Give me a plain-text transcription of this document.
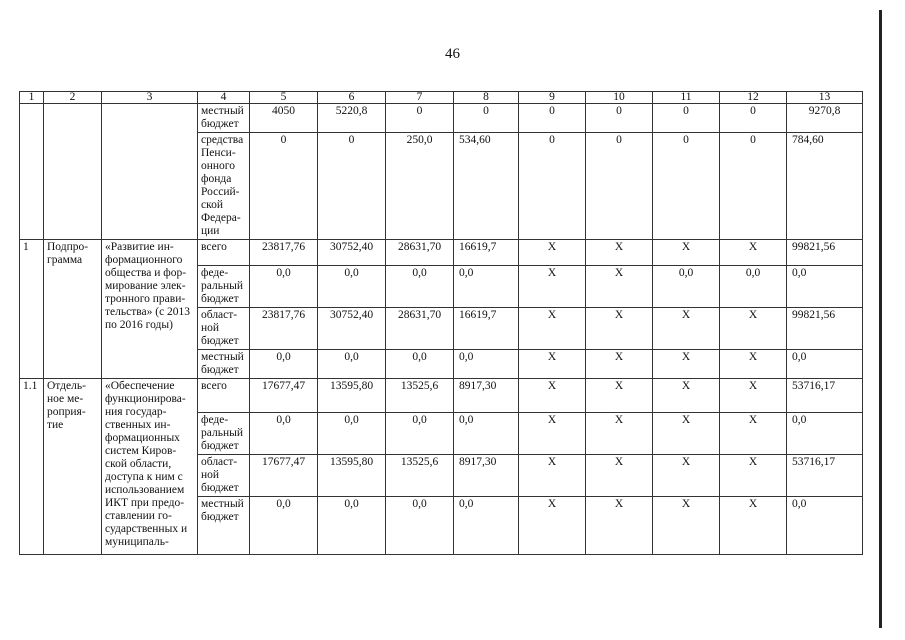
46
1	2	3	4	5	6	7	8	9	10	11	12	13
			местный бюджет	4050	5220,8	0	0	0	0	0	0	9270,8
			средства Пенси-онного фонда Россий-ской Федера-ции	0	0	250,0	534,60	0	0	0	0	784,60
1	Подпро-грамма	«Развитие ин-формационного общества и фор-мирование элек-тронного прави-тельства» (с 2013 по 2016 годы)	всего	23817,76	30752,40	28631,70	16619,7	Х	Х	Х	Х	99821,56
			феде-ральный бюджет	0,0	0,0	0,0	0,0	Х	Х	0,0	0,0	0,0
			област-ной бюджет	23817,76	30752,40	28631,70	16619,7	Х	Х	Х	Х	99821,56
			местный бюджет	0,0	0,0	0,0	0,0	Х	Х	Х	Х	0,0
1.1	Отдель-ное ме-роприя-тие	«Обеспечение функционирова-ния государ-ственных ин-формационных систем Киров-ской области, доступа к ним с использованием ИКТ при предо-ставлении го-сударственных и муниципаль-	всего	17677,47	13595,80	13525,6	8917,30	Х	Х	Х	Х	53716,17
			феде-ральный бюджет	0,0	0,0	0,0	0,0	Х	Х	Х	Х	0,0
			област-ной бюджет	17677,47	13595,80	13525,6	8917,30	Х	Х	Х	Х	53716,17
			местный бюджет	0,0	0,0	0,0	0,0	Х	Х	Х	Х	0,0
